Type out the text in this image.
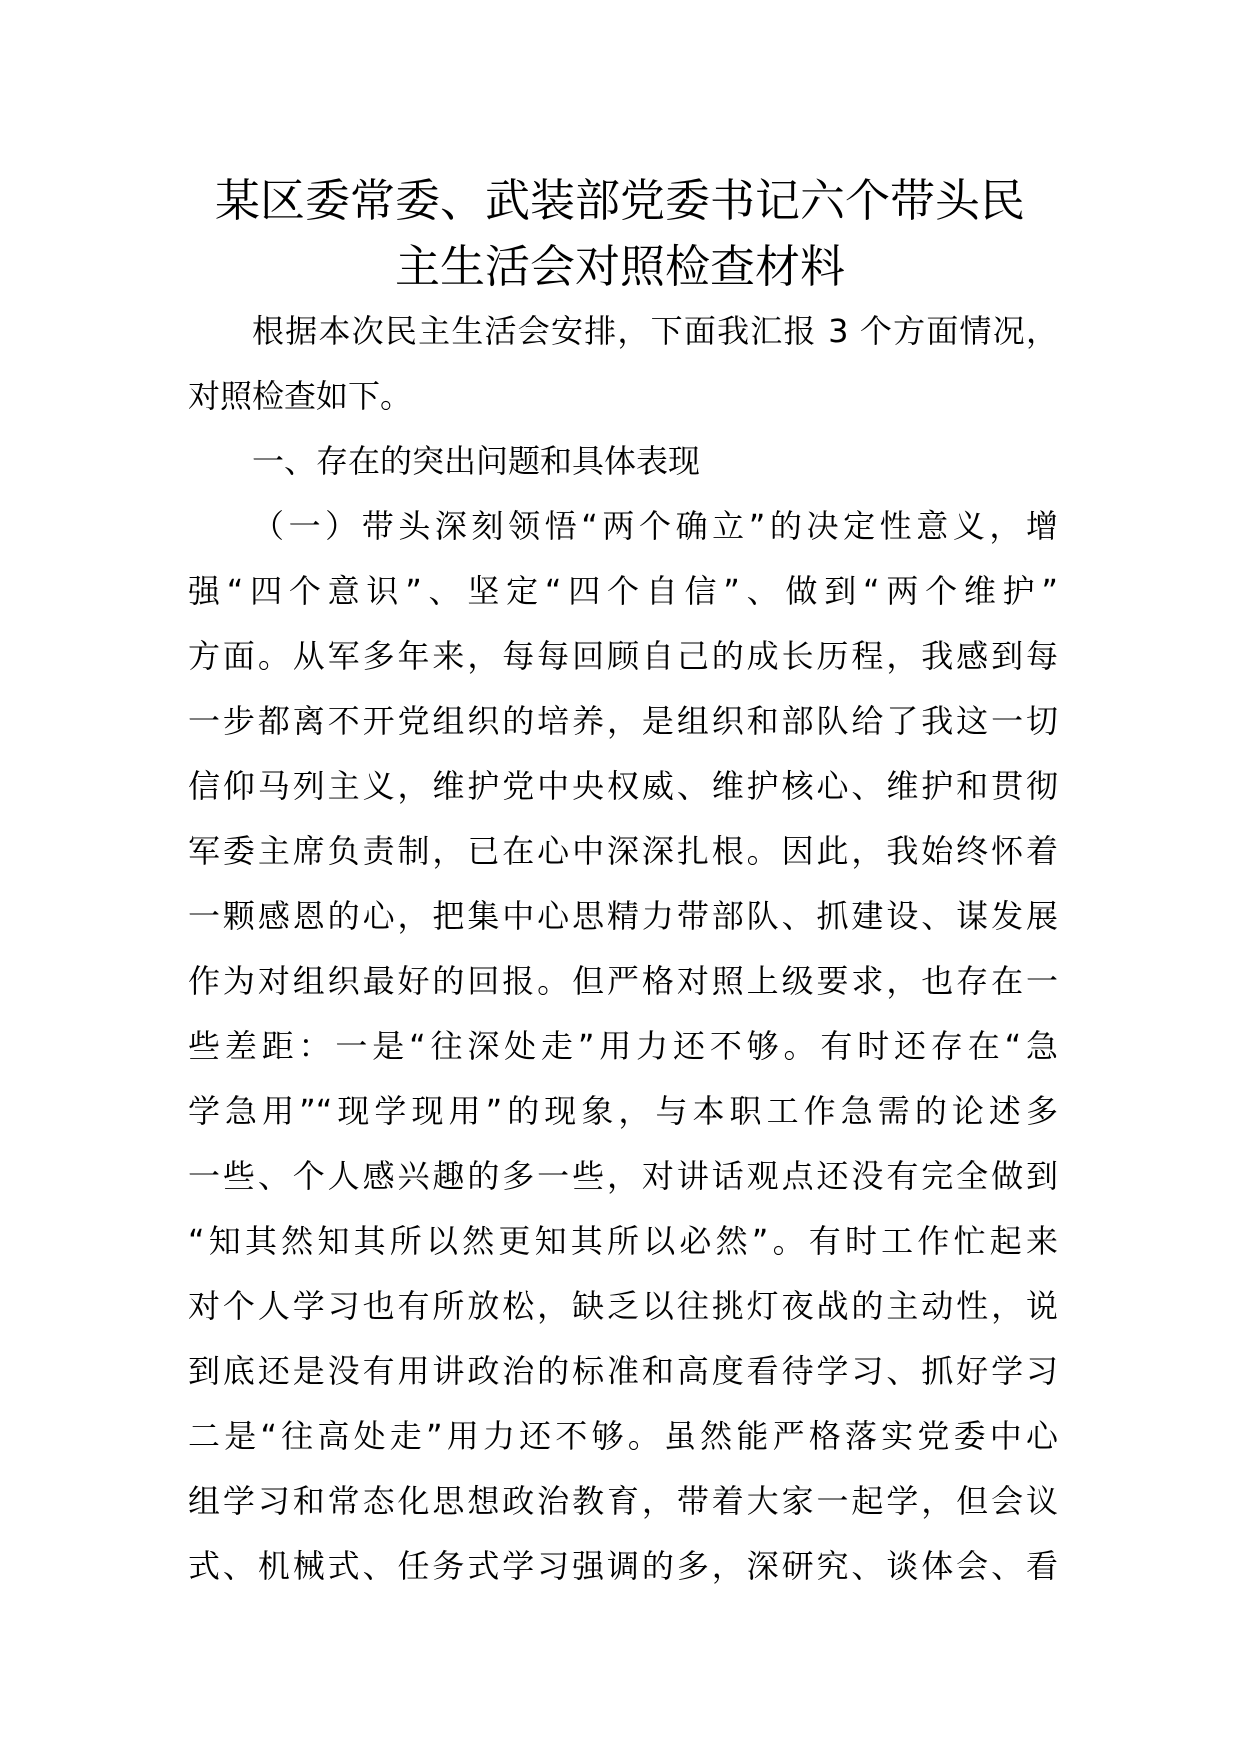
某区委常委、武装部党委书记六个带头民
主生活会对照检查材料
根据本次民主生活会安排，下面我汇报 3 个方面情况，
对照检查如下。
一、存在的突出问题和具体表现
（一）带头深刻领悟“两个确立”的决定性意义，增
强“四个意识”、坚定“四个自信”、做到“两个维护”
方面。从军多年来，每每回顾自己的成长历程，我感到每
一步都离不开党组织的培养，是组织和部队给了我这一切
信仰马列主义，维护党中央权威、维护核心、维护和贯彻
军委主席负责制，已在心中深深扎根。因此，我始终怀着
一颗感恩的心，把集中心思精力带部队、抓建设、谋发展
作为对组织最好的回报。但严格对照上级要求，也存在一
些差距：一是“往深处走”用力还不够。有时还存在“急
学急用”“现学现用”的现象，与本职工作急需的论述多
一些、个人感兴趣的多一些，对讲话观点还没有完全做到
“知其然知其所以然更知其所以必然”。有时工作忙起来
对个人学习也有所放松，缺乏以往挑灯夜战的主动性，说
到底还是没有用讲政治的标准和高度看待学习、抓好学习
二是“往高处走”用力还不够。虽然能严格落实党委中心
组学习和常态化思想政治教育，带着大家一起学，但会议
式、机械式、任务式学习强调的多，深研究、谈体会、看
